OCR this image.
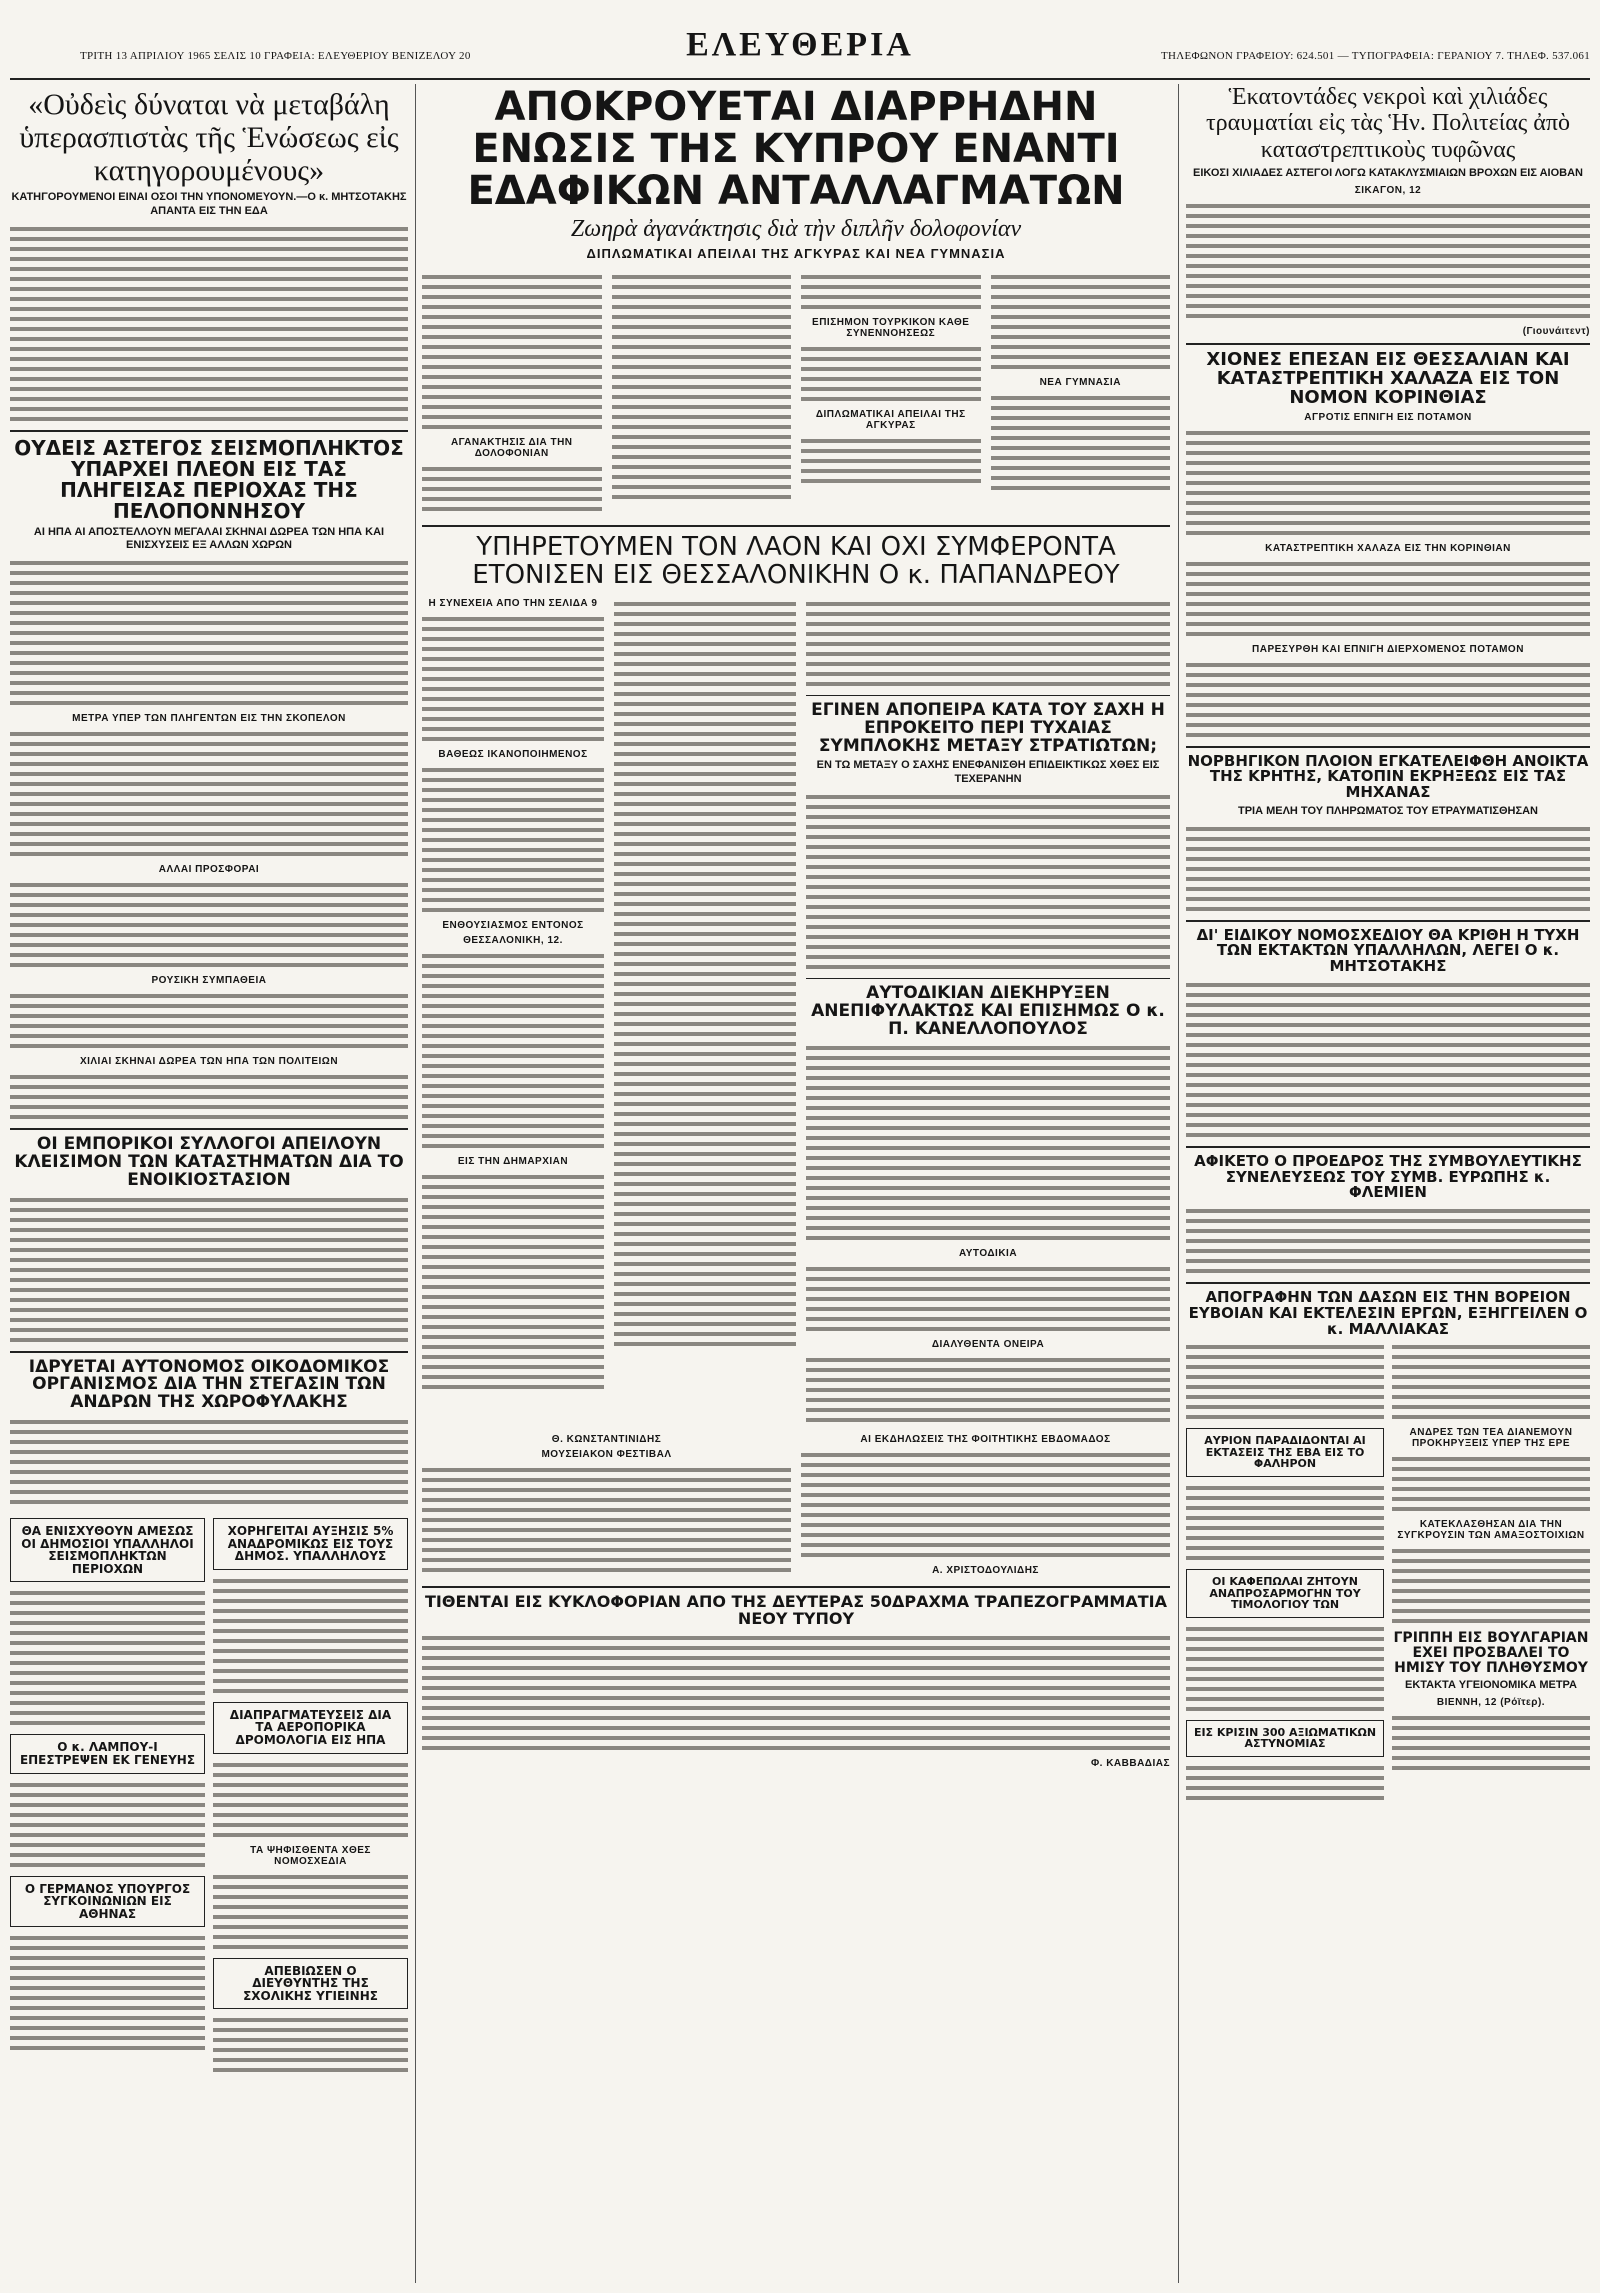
ΤΡΙΤΗ 13 ΑΠΡΙΛΙΟΥ 1965 ΣΕΛΙΣ 10 ΓΡΑΦΕΙΑ: ΕΛΕΥΘΕΡΙΟΥ ΒΕΝΙΖΕΛΟΥ 20	ΕΛΕΥΘΕΡΙΑ	ΤΗΛΕΦΩΝΟΝ ΓΡΑΦΕΙΟΥ: 624.501 — ΤΥΠΟΓΡΑΦΕΙΑ: ΓΕΡΑΝΙΟΥ 7. ΤΗΛΕΦ. 537.061
«Οὐδεὶς δύναται νὰ μεταβάλη ὑπερασπιστὰς τῆς Ἑνώσεως εἰς κατηγορουμένους»
ΚΑΤΗΓΟΡΟΥΜΕΝΟΙ ΕΙΝΑΙ ΟΣΟΙ ΤΗΝ ΥΠΟΝΟΜΕΥΟΥΝ.—Ο κ. ΜΗΤΣΟΤΑΚΗΣ ΑΠΑΝΤΑ ΕΙΣ ΤΗΝ ΕΔΑ
ΟΥΔΕΙΣ ΑΣΤΕΓΟΣ ΣΕΙΣΜΟΠΛΗΚΤΟΣ ΥΠΑΡΧΕΙ ΠΛΕΟΝ ΕΙΣ ΤΑΣ ΠΛΗΓΕΙΣΑΣ ΠΕΡΙΟΧΑΣ ΤΗΣ ΠΕΛΟΠΟΝΝΗΣΟΥ
ΑΙ ΗΠΑ ΑΙ ΑΠΟΣΤΕΛΛΟΥΝ ΜΕΓΑΛΑΙ ΣΚΗΝΑΙ ΔΩΡΕΑ ΤΩΝ ΗΠΑ ΚΑΙ ΕΝΙΣΧΥΣΕΙΣ ΕΞ ΑΛΛΩΝ ΧΩΡΩΝ
ΜΕΤΡΑ ΥΠΕΡ ΤΩΝ ΠΛΗΓΕΝΤΩΝ ΕΙΣ ΤΗΝ ΣΚΟΠΕΛΟΝ
ΑΛΛΑΙ ΠΡΟΣΦΟΡΑΙ
ΡΟΥΣΙΚΗ ΣΥΜΠΑΘΕΙΑ
ΧΙΛΙΑΙ ΣΚΗΝΑΙ ΔΩΡΕΑ ΤΩΝ ΗΠΑ ΤΩΝ ΠΟΛΙΤΕΙΩΝ
ΟΙ ΕΜΠΟΡΙΚΟΙ ΣΥΛΛΟΓΟΙ ΑΠΕΙΛΟΥΝ ΚΛΕΙΣΙΜΟΝ ΤΩΝ ΚΑΤΑΣΤΗΜΑΤΩΝ ΔΙΑ ΤΟ ΕΝΟΙΚΙΟΣΤΑΣΙΟΝ
ΙΔΡΥΕΤΑΙ ΑΥΤΟΝΟΜΟΣ ΟΙΚΟΔΟΜΙΚΟΣ ΟΡΓΑΝΙΣΜΟΣ ΔΙΑ ΤΗΝ ΣΤΕΓΑΣΙΝ ΤΩΝ ΑΝΔΡΩΝ ΤΗΣ ΧΩΡΟΦΥΛΑΚΗΣ
ΘΑ ΕΝΙΣΧΥΘΟΥΝ ΑΜΕΣΩΣ ΟΙ ΔΗΜΟΣΙΟΙ ΥΠΑΛΛΗΛΟΙ ΣΕΙΣΜΟΠΛΗΚΤΩΝ ΠΕΡΙΟΧΩΝ
Ο κ. ΛΑΜΠΟΥ-Ι ΕΠΕΣΤΡΕΨΕΝ ΕΚ ΓΕΝΕΥΗΣ
Ο ΓΕΡΜΑΝΟΣ ΥΠΟΥΡΓΟΣ ΣΥΓΚΟΙΝΩΝΙΩΝ ΕΙΣ ΑΘΗΝΑΣ
ΧΟΡΗΓΕΙΤΑΙ ΑΥΞΗΣΙΣ 5% ΑΝΑΔΡΟΜΙΚΩΣ ΕΙΣ ΤΟΥΣ ΔΗΜΟΣ. ΥΠΑΛΛΗΛΟΥΣ
ΔΙΑΠΡΑΓΜΑΤΕΥΣΕΙΣ ΔΙΑ ΤΑ ΑΕΡΟΠΟΡΙΚΑ ΔΡΟΜΟΛΟΓΙΑ ΕΙΣ ΗΠΑ
ΤΑ ΨΗΦΙΣΘΕΝΤΑ ΧΘΕΣ ΝΟΜΟΣΧΕΔΙΑ
ΑΠΕΒΙΩΣΕΝ Ο ΔΙΕΥΘΥΝΤΗΣ ΤΗΣ ΣΧΟΛΙΚΗΣ ΥΓΙΕΙΝΗΣ
ΑΠΟΚΡΟΥΕΤΑΙ ΔΙΑΡΡΗΔΗΝ ΕΝΩΣΙΣ ΤΗΣ ΚΥΠΡΟΥ ΕΝΑΝΤΙ ΕΔΑΦΙΚΩΝ ΑΝΤΑΛΛΑΓΜΑΤΩΝ
Ζωηρὰ ἀγανάκτησις διὰ τὴν διπλῆν δολοφονίαν
ΔΙΠΛΩΜΑΤΙΚΑΙ ΑΠΕΙΛΑΙ ΤΗΣ ΑΓΚΥΡΑΣ ΚΑΙ ΝΕΑ ΓΥΜΝΑΣΙΑ
ΑΓΑΝΑΚΤΗΣΙΣ ΔΙΑ ΤΗΝ ΔΟΛΟΦΟΝΙΑΝ
ΕΠΙΣΗΜΟΝ ΤΟΥΡΚΙΚΟΝ ΚΑΘΕ ΣΥΝΕΝΝΟΗΣΕΩΣ
ΔΙΠΛΩΜΑΤΙΚΑΙ ΑΠΕΙΛΑΙ ΤΗΣ ΑΓΚΥΡΑΣ
ΝΕΑ ΓΥΜΝΑΣΙΑ
ΥΠΗΡΕΤΟΥΜΕΝ ΤΟΝ ΛΑΟΝ ΚΑΙ ΟΧΙ ΣΥΜΦΕΡΟΝΤΑ ΕΤΟΝΙΣΕΝ ΕΙΣ ΘΕΣΣΑΛΟΝΙΚΗΝ Ο κ. ΠΑΠΑΝΔΡΕΟΥ
Η ΣΥΝΕΧΕΙΑ ΑΠΟ ΤΗΝ ΣΕΛΙΔΑ 9
ΒΑΘΕΩΣ ΙΚΑΝΟΠΟΙΗΜΕΝΟΣ
ΕΝΘΟΥΣΙΑΣΜΟΣ ΕΝΤΟΝΟΣ
ΘΕΣΣΑΛΟΝΙΚΗ, 12.
ΕΙΣ ΤΗΝ ΔΗΜΑΡΧΙΑΝ
ΕΓΙΝΕΝ ΑΠΟΠΕΙΡΑ ΚΑΤΑ ΤΟΥ ΣΑΧΗ Η ΕΠΡΟΚΕΙΤΟ ΠΕΡΙ ΤΥΧΑΙΑΣ ΣΥΜΠΛΟΚΗΣ ΜΕΤΑΞΥ ΣΤΡΑΤΙΩΤΩΝ;
ΕΝ ΤΩ ΜΕΤΑΞΥ Ο ΣΑΧΗΣ ΕΝΕΦΑΝΙΣΘΗ ΕΠΙΔΕΙΚΤΙΚΩΣ ΧΘΕΣ ΕΙΣ ΤΕΧΕΡΑΝΗΝ
ΑΥΤΟΔΙΚΙΑΝ ΔΙΕΚΗΡΥΞΕΝ ΑΝΕΠΙΦΥΛΑΚΤΩΣ ΚΑΙ ΕΠΙΣΗΜΩΣ Ο κ. Π. ΚΑΝΕΛΛΟΠΟΥΛΟΣ
ΑΥΤΟΔΙΚΙΑ
ΔΙΑΛΥΘΕΝΤΑ ΟΝΕΙΡΑ
Θ. ΚΩΝΣΤΑΝΤΙΝΙΔΗΣ
ΜΟΥΣΕΙΑΚΟΝ ΦΕΣΤΙΒΑΛ
ΑΙ ΕΚΔΗΛΩΣΕΙΣ ΤΗΣ ΦΟΙΤΗΤΙΚΗΣ ΕΒΔΟΜΑΔΟΣ
Α. ΧΡΙΣΤΟΔΟΥΛΙΔΗΣ
ΤΙΘΕΝΤΑΙ ΕΙΣ ΚΥΚΛΟΦΟΡΙΑΝ ΑΠΟ ΤΗΣ ΔΕΥΤΕΡΑΣ 50ΔΡΑΧΜΑ ΤΡΑΠΕΖΟΓΡΑΜΜΑΤΙΑ ΝΕΟΥ ΤΥΠΟΥ
Φ. ΚΑΒΒΑΔΙΑΣ
Ἑκατοντάδες νεκροὶ καὶ χιλιάδες τραυματίαι εἰς τὰς Ἡν. Πολιτείας ἀπὸ καταστρεπτικοὺς τυφῶνας
ΕΙΚΟΣΙ ΧΙΛΙΑΔΕΣ ΑΣΤΕΓΟΙ ΛΟΓΩ ΚΑΤΑΚΛΥΣΜΙΑΙΩΝ ΒΡΟΧΩΝ ΕΙΣ ΑΙΟΒΑΝ
ΣΙΚΑΓΟΝ, 12
(Γιουνάιτεντ)
ΧΙΟΝΕΣ ΕΠΕΣΑΝ ΕΙΣ ΘΕΣΣΑΛΙΑΝ ΚΑΙ ΚΑΤΑΣΤΡΕΠΤΙΚΗ ΧΑΛΑΖΑ ΕΙΣ ΤΟΝ ΝΟΜΟΝ ΚΟΡΙΝΘΙΑΣ
ΑΓΡΟΤΙΣ ΕΠΝΙΓΗ ΕΙΣ ΠΟΤΑΜΟΝ
ΚΑΤΑΣΤΡΕΠΤΙΚΗ ΧΑΛΑΖΑ ΕΙΣ ΤΗΝ ΚΟΡΙΝΘΙΑΝ
ΠΑΡΕΣΥΡΘΗ ΚΑΙ ΕΠΝΙΓΗ ΔΙΕΡΧΟΜΕΝΟΣ ΠΟΤΑΜΟΝ
ΝΟΡΒΗΓΙΚΟΝ ΠΛΟΙΟΝ ΕΓΚΑΤΕΛΕΙΦΘΗ ΑΝΟΙΚΤΑ ΤΗΣ ΚΡΗΤΗΣ, ΚΑΤΟΠΙΝ ΕΚΡΗΞΕΩΣ ΕΙΣ ΤΑΣ ΜΗΧΑΝΑΣ
ΤΡΙΑ ΜΕΛΗ ΤΟΥ ΠΛΗΡΩΜΑΤΟΣ ΤΟΥ ΕΤΡΑΥΜΑΤΙΣΘΗΣΑΝ
ΔΙ' ΕΙΔΙΚΟΥ ΝΟΜΟΣΧΕΔΙΟΥ ΘΑ ΚΡΙΘΗ Η ΤΥΧΗ ΤΩΝ ΕΚΤΑΚΤΩΝ ΥΠΑΛΛΗΛΩΝ, ΛΕΓΕΙ Ο κ. ΜΗΤΣΟΤΑΚΗΣ
ΑΦΙΚΕΤΟ Ο ΠΡΟΕΔΡΟΣ ΤΗΣ ΣΥΜΒΟΥΛΕΥΤΙΚΗΣ ΣΥΝΕΛΕΥΣΕΩΣ ΤΟΥ ΣΥΜΒ. ΕΥΡΩΠΗΣ κ. ΦΛΕΜΙΕΝ
ΑΠΟΓΡΑΦΗΝ ΤΩΝ ΔΑΣΩΝ ΕΙΣ ΤΗΝ ΒΟΡΕΙΟΝ ΕΥΒΟΙΑΝ ΚΑΙ ΕΚΤΕΛΕΣΙΝ ΕΡΓΩΝ, ΕΞΗΓΓΕΙΛΕΝ Ο κ. ΜΑΛΛΙΑΚΑΣ
ΑΥΡΙΟΝ ΠΑΡΑΔΙΔΟΝΤΑΙ ΑΙ ΕΚΤΑΣΕΙΣ ΤΗΣ ΕΒΑ ΕΙΣ ΤΟ ΦΑΛΗΡΟΝ
ΟΙ ΚΑΦΕΠΩΛΑΙ ΖΗΤΟΥΝ ΑΝΑΠΡΟΣΑΡΜΟΓΗΝ ΤΟΥ ΤΙΜΟΛΟΓΙΟΥ ΤΩΝ
ΕΙΣ ΚΡΙΣΙΝ 300 ΑΞΙΩΜΑΤΙΚΩΝ ΑΣΤΥΝΟΜΙΑΣ
ΑΝΔΡΕΣ ΤΩΝ ΤΕΑ ΔΙΑΝΕΜΟΥΝ ΠΡΟΚΗΡΥΞΕΙΣ ΥΠΕΡ ΤΗΣ ΕΡΕ
ΚΑΤΕΚΛΑΣΘΗΣΑΝ ΔΙΑ ΤΗΝ ΣΥΓΚΡΟΥΣΙΝ ΤΩΝ ΑΜΑΞΟΣΤΟΙΧΙΩΝ
ΓΡΙΠΠΗ ΕΙΣ ΒΟΥΛΓΑΡΙΑΝ ΕΧΕΙ ΠΡΟΣΒΑΛΕΙ ΤΟ ΗΜΙΣΥ ΤΟΥ ΠΛΗΘΥΣΜΟΥ
ΕΚΤΑΚΤΑ ΥΓΕΙΟΝΟΜΙΚΑ ΜΕΤΡΑ
ΒΙΕΝΝΗ, 12 (Ρόϊτερ).
